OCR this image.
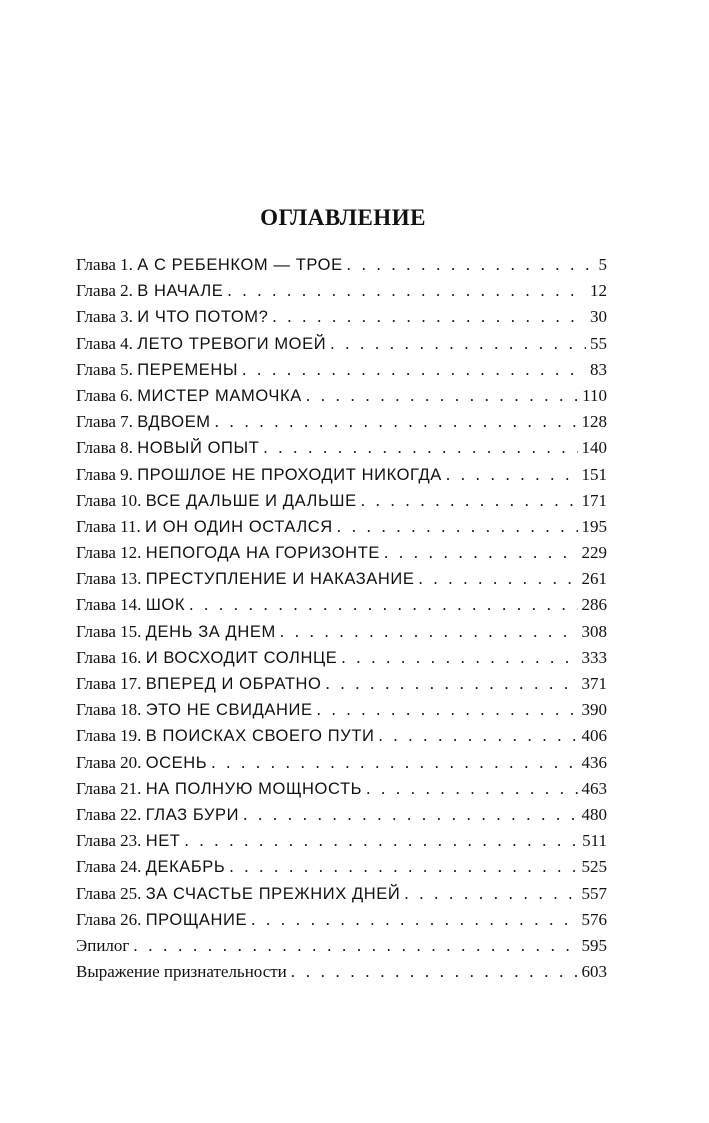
ОГЛАВЛЕНИЕ
Глава 1. А С РЕБЕНКОМ — ТРОЕ . . .	5
Глава 2. В НАЧАЛЕ . . .	12
Глава 3. И ЧТО ПОТОМ? . . .	30
Глава 4. ЛЕТО ТРЕВОГИ МОЕЙ . . .	55
Глава 5. ПЕРЕМЕНЫ . . .	83
Глава 6. МИСТЕР МАМОЧКА . . .	110
Глава 7. ВДВОЕМ . . .	128
Глава 8. НОВЫЙ ОПЫТ . . .	140
Глава 9. ПРОШЛОЕ НЕ ПРОХОДИТ НИКОГДА . . .	151
Глава 10. ВСЕ ДАЛЬШЕ И ДАЛЬШЕ . . .	171
Глава 11. И ОН ОДИН ОСТАЛСЯ . . .	195
Глава 12. НЕПОГОДА НА ГОРИЗОНТЕ . . .	229
Глава 13. ПРЕСТУПЛЕНИЕ И НАКАЗАНИЕ . . .	261
Глава 14. ШОК . . .	286
Глава 15. ДЕНЬ ЗА ДНЕМ . . .	308
Глава 16. И ВОСХОДИТ СОЛНЦЕ . . .	333
Глава 17. ВПЕРЕД И ОБРАТНО . . .	371
Глава 18. ЭТО НЕ СВИДАНИЕ . . .	390
Глава 19. В ПОИСКАХ СВОЕГО ПУТИ . . .	406
Глава 20. ОСЕНЬ . . .	436
Глава 21. НА ПОЛНУЮ МОЩНОСТЬ . . .	463
Глава 22. ГЛАЗ БУРИ . . .	480
Глава 23. НЕТ . . .	511
Глава 24. ДЕКАБРЬ . . .	525
Глава 25. ЗА СЧАСТЬЕ ПРЕЖНИХ ДНЕЙ . . .	557
Глава 26. ПРОЩАНИЕ . . .	576
Эпилог . . .	595
Выражение признательности . . .	603
